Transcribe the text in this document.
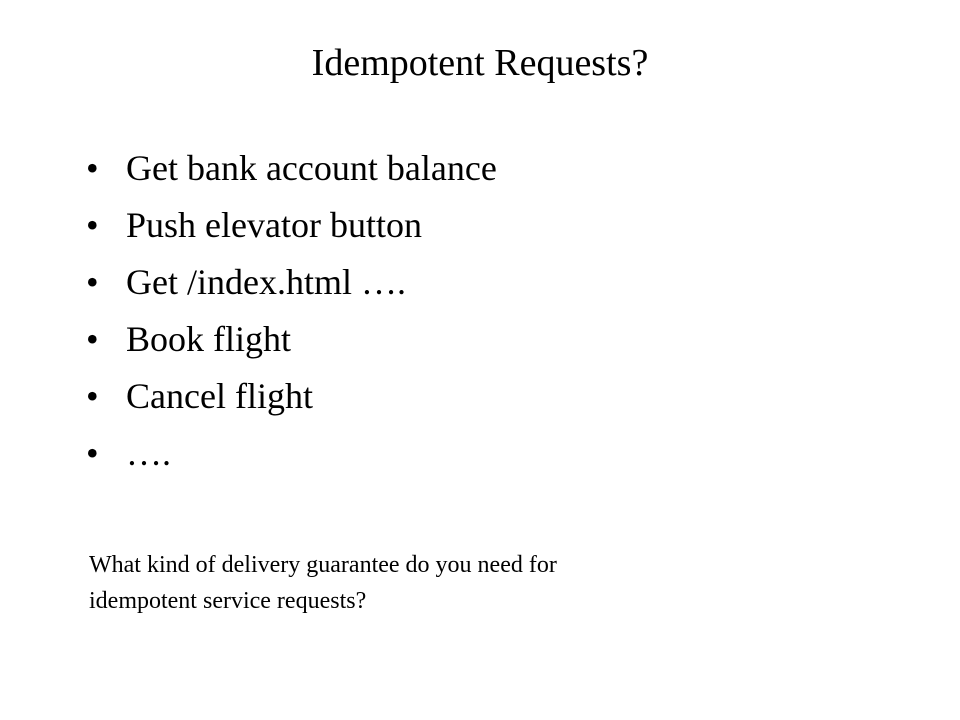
Idempotent Requests?
• Get bank account balance
• Push elevator button
• Get /index.html ….
• Book flight
• Cancel flight
• ….

What kind of delivery guarantee do you need for
idempotent service requests?
